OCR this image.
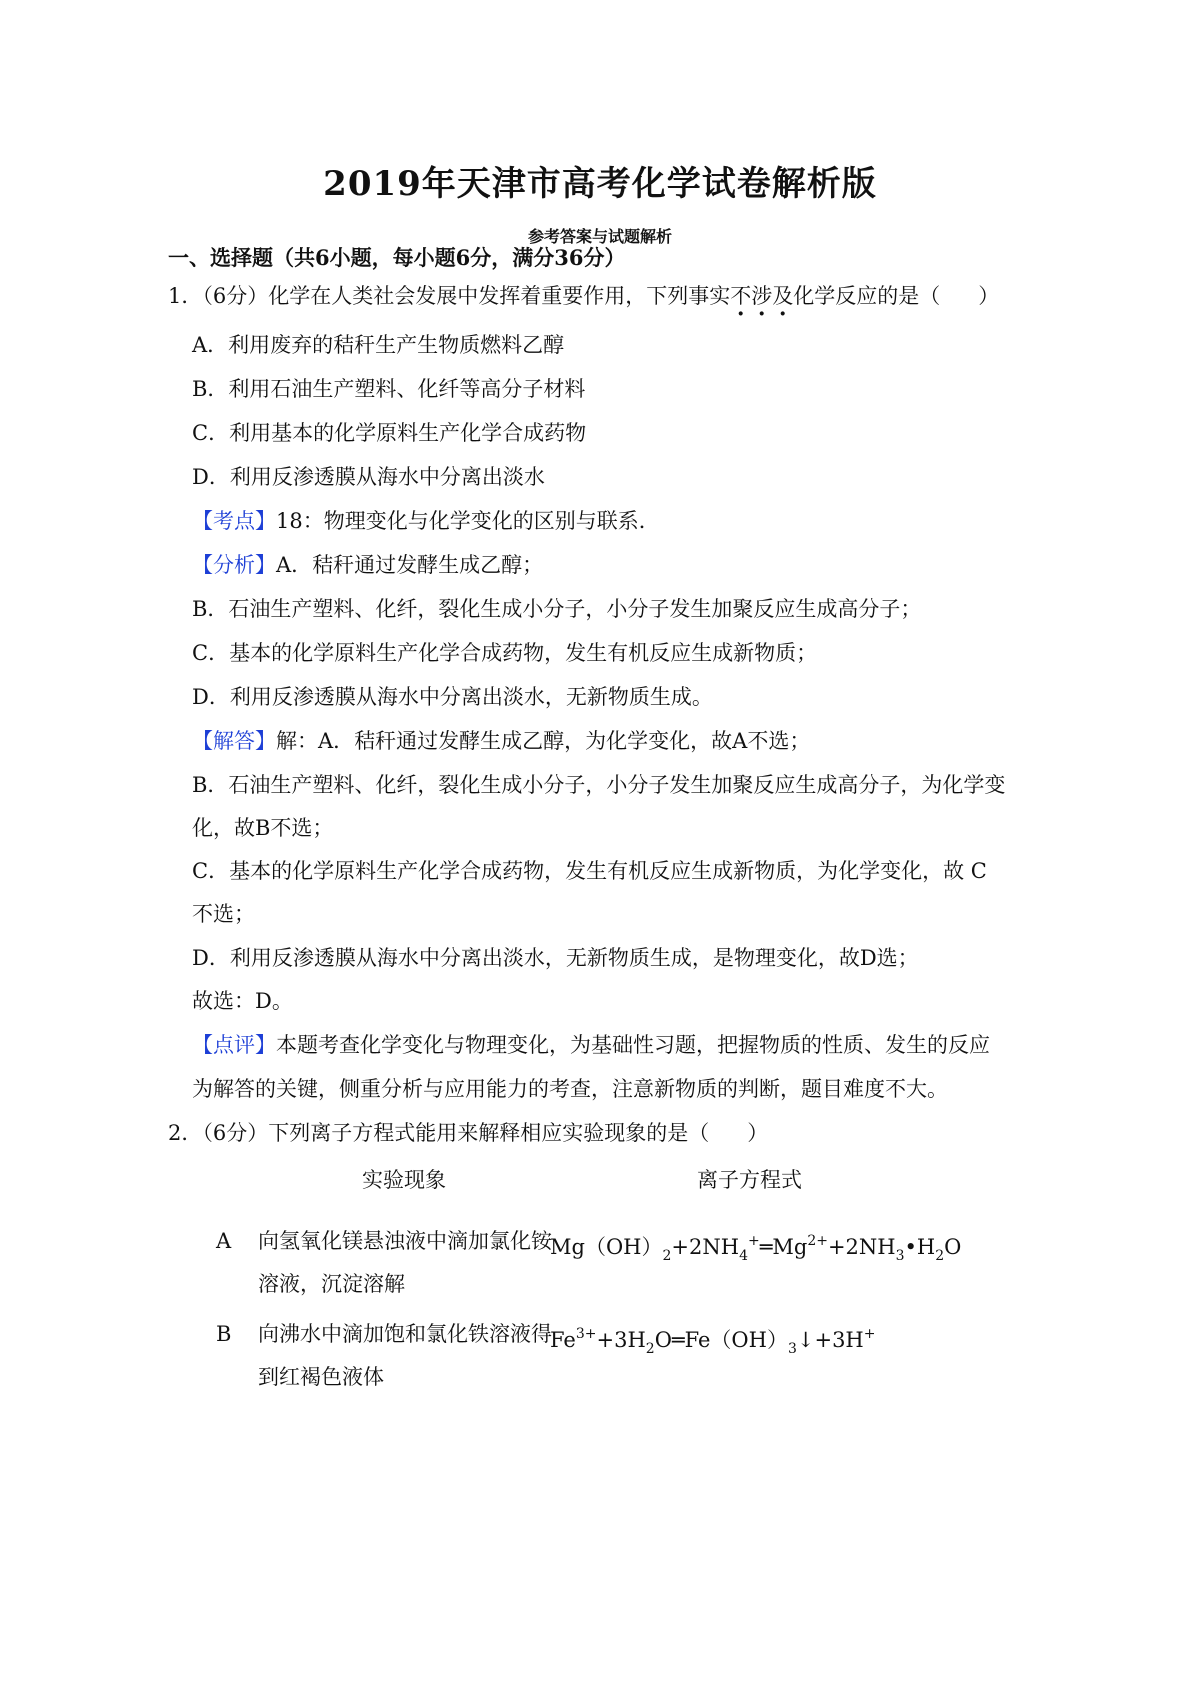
2019年天津市高考化学试卷解析版
参考答案与试题解析
一、选择题（共6小题，每小题6分，满分36分）
1．（6分）化学在人类社会发展中发挥着重要作用，下列事实不涉及化学反应的是（ ）
A．利用废弃的秸秆生产生物质燃料乙醇
B．利用石油生产塑料、化纤等高分子材料
C．利用基本的化学原料生产化学合成药物
D．利用反渗透膜从海水中分离出淡水
【考点】18：物理变化与化学变化的区别与联系．
【分析】A．秸秆通过发酵生成乙醇；
B．石油生产塑料、化纤，裂化生成小分子，小分子发生加聚反应生成高分子；
C．基本的化学原料生产化学合成药物，发生有机反应生成新物质；
D．利用反渗透膜从海水中分离出淡水，无新物质生成。
【解答】解：A．秸秆通过发酵生成乙醇，为化学变化，故A不选；
B．石油生产塑料、化纤，裂化生成小分子，小分子发生加聚反应生成高分子，为化学变
化，故B不选；
C．基本的化学原料生产化学合成药物，发生有机反应生成新物质，为化学变化，故 C
不选；
D．利用反渗透膜从海水中分离出淡水，无新物质生成，是物理变化，故D选；
故选：D。
【点评】本题考查化学变化与物理变化，为基础性习题，把握物质的性质、发生的反应
为解答的关键，侧重分析与应用能力的考查，注意新物质的判断，题目难度不大。
2．（6分）下列离子方程式能用来解释相应实验现象的是（ ）
实验现象	离子方程式
A 向氢氧化镁悬浊液中滴加氯化铵
溶液，沉淀溶解
$Mg(OH)_2+2NH_4^+═Mg^{2+}+2NH_3•H_2O$
B 向沸水中滴加饱和氯化铁溶液得
到红褐色液体
$Fe^{3+}+3H_2O═Fe(OH)_3↓+3H^+$
